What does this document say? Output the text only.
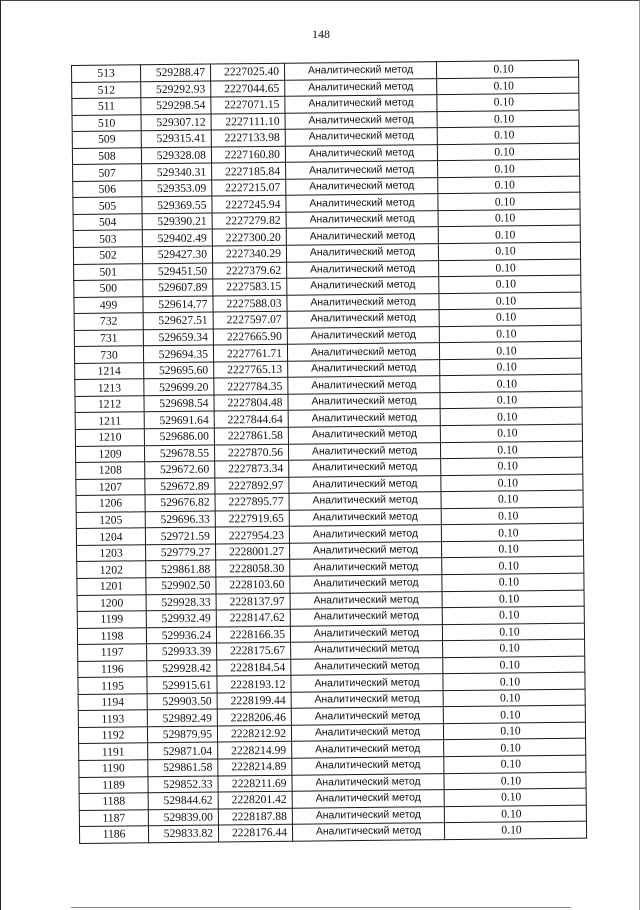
148
513	529288.47	2227025.40	Аналитический метод	0.10
512	529292.93	2227044.65	Аналитический метод	0.10
511	529298.54	2227071.15	Аналитический метод	0.10
510	529307.12	2227111.10	Аналитический метод	0.10
509	529315.41	2227133.98	Аналитический метод	0.10
508	529328.08	2227160.80	Аналитический метод	0.10
507	529340.31	2227185.84	Аналитический метод	0.10
506	529353.09	2227215.07	Аналитический метод	0.10
505	529369.55	2227245.94	Аналитический метод	0.10
504	529390.21	2227279.82	Аналитический метод	0.10
503	529402.49	2227300.20	Аналитический метод	0.10
502	529427.30	2227340.29	Аналитический метод	0.10
501	529451.50	2227379.62	Аналитический метод	0.10
500	529607.89	2227583.15	Аналитический метод	0.10
499	529614.77	2227588.03	Аналитический метод	0.10
732	529627.51	2227597.07	Аналитический метод	0.10
731	529659.34	2227665.90	Аналитический метод	0.10
730	529694.35	2227761.71	Аналитический метод	0.10
1214	529695.60	2227765.13	Аналитический метод	0.10
1213	529699.20	2227784.35	Аналитический метод	0.10
1212	529698.54	2227804.48	Аналитический метод	0.10
1211	529691.64	2227844.64	Аналитический метод	0.10
1210	529686.00	2227861.58	Аналитический метод	0.10
1209	529678.55	2227870.56	Аналитический метод	0.10
1208	529672.60	2227873.34	Аналитический метод	0.10
1207	529672.89	2227892.97	Аналитический метод	0.10
1206	529676.82	2227895.77	Аналитический метод	0.10
1205	529696.33	2227919.65	Аналитический метод	0.10
1204	529721.59	2227954.23	Аналитический метод	0.10
1203	529779.27	2228001.27	Аналитический метод	0.10
1202	529861.88	2228058.30	Аналитический метод	0.10
1201	529902.50	2228103.60	Аналитический метод	0.10
1200	529928.33	2228137.97	Аналитический метод	0.10
1199	529932.49	2228147.62	Аналитический метод	0.10
1198	529936.24	2228166.35	Аналитический метод	0.10
1197	529933.39	2228175.67	Аналитический метод	0.10
1196	529928.42	2228184.54	Аналитический метод	0.10
1195	529915.61	2228193.12	Аналитический метод	0.10
1194	529903.50	2228199.44	Аналитический метод	0.10
1193	529892.49	2228206.46	Аналитический метод	0.10
1192	529879.95	2228212.92	Аналитический метод	0.10
1191	529871.04	2228214.99	Аналитический метод	0.10
1190	529861.58	2228214.89	Аналитический метод	0.10
1189	529852.33	2228211.69	Аналитический метод	0.10
1188	529844.62	2228201.42	Аналитический метод	0.10
1187	529839.00	2228187.88	Аналитический метод	0.10
1186	529833.82	2228176.44	Аналитический метод	0.10
